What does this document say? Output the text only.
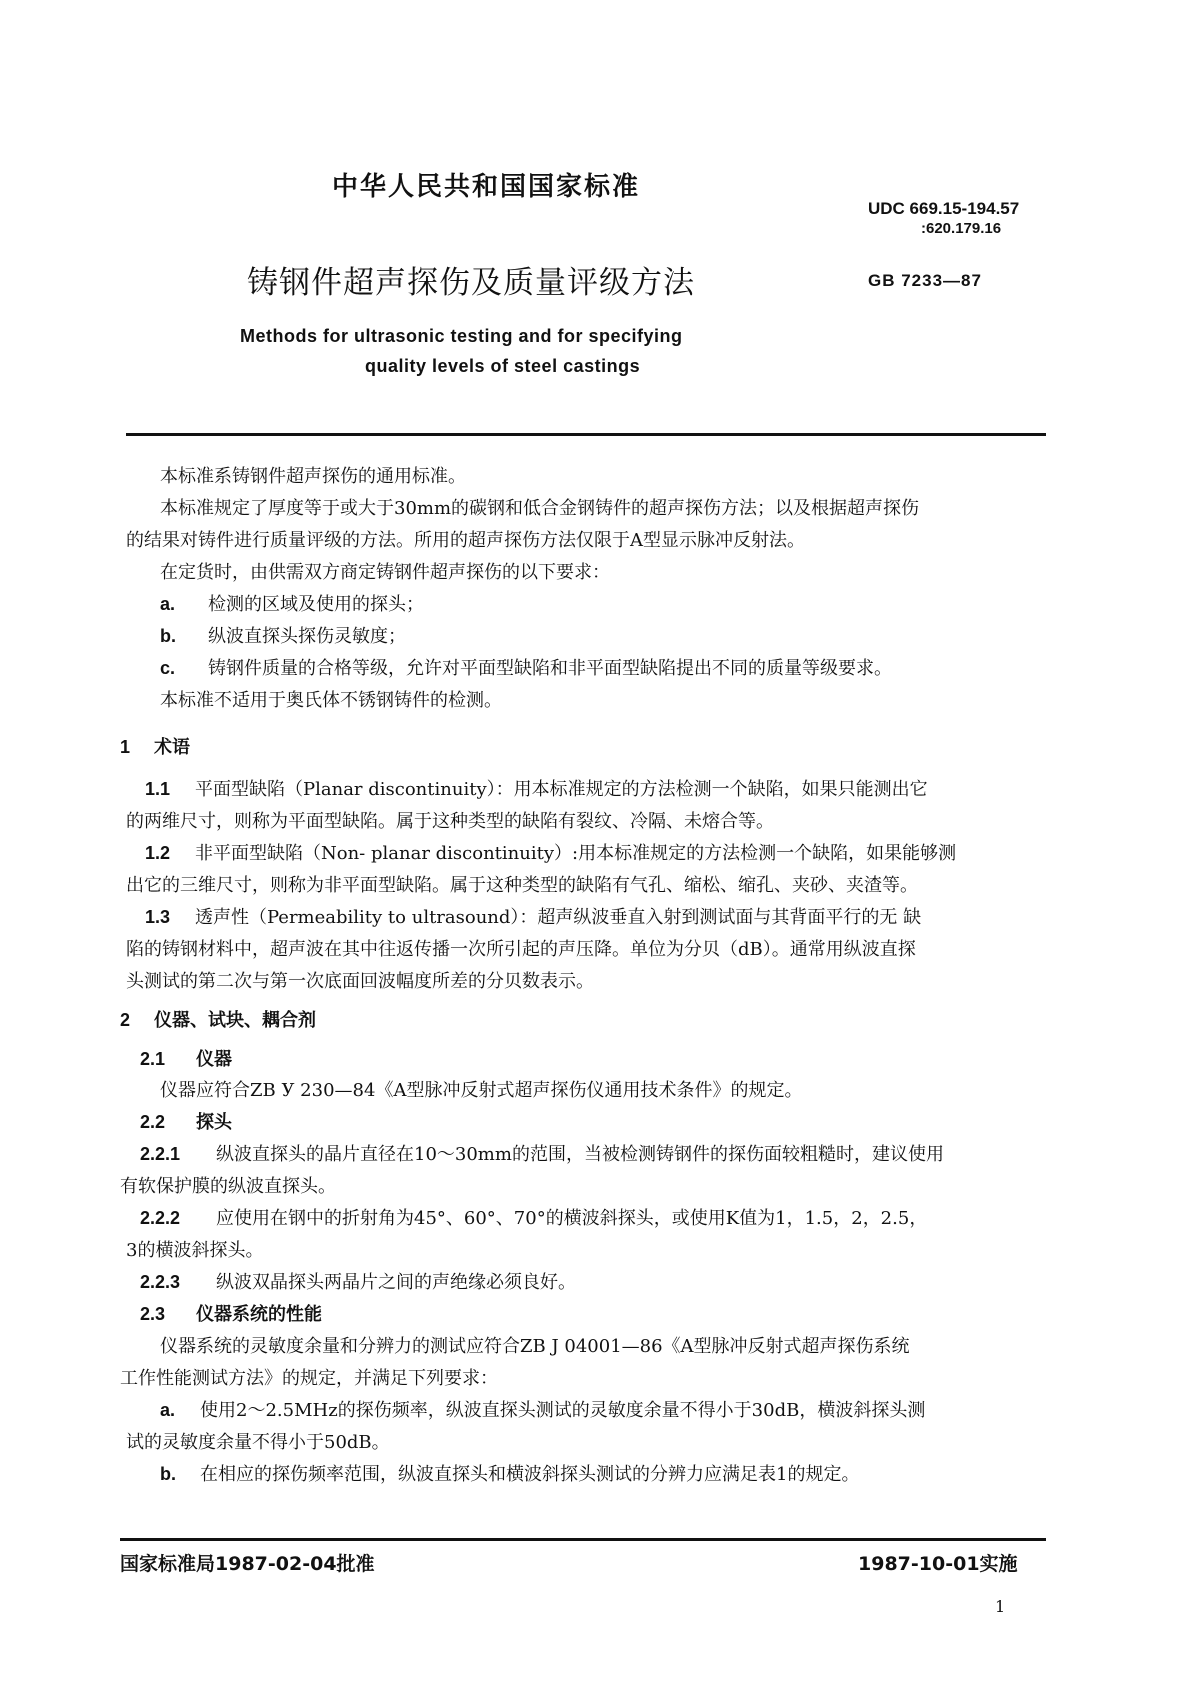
中华人民共和国国家标准
UDC 669.15-194.57
:620.179.16
铸钢件超声探伤及质量评级方法	GB 7233—87
Methods for ultrasonic testing and for specifying
quality levels of steel castings
本标准系铸钢件超声探伤的通用标准。
本标准规定了厚度等于或大于30mm的碳钢和低合金钢铸件的超声探伤方法；以及根据超声探伤
的结果对铸件进行质量评级的方法。所用的超声探伤方法仅限于A型显示脉冲反射法。
在定货时，由供需双方商定铸钢件超声探伤的以下要求：
a. 检测的区域及使用的探头；
b. 纵波直探头探伤灵敏度；
c. 铸钢件质量的合格等级，允许对平面型缺陷和非平面型缺陷提出不同的质量等级要求。
本标准不适用于奥氏体不锈钢铸件的检测。
1 术语
1.1 平面型缺陷（Planar discontinuity）：用本标准规定的方法检测一个缺陷，如果只能测出它
的两维尺寸，则称为平面型缺陷。属于这种类型的缺陷有裂纹、冷隔、未熔合等。
1.2 非平面型缺陷（Non- planar discontinuity）:用本标准规定的方法检测一个缺陷，如果能够测
出它的三维尺寸，则称为非平面型缺陷。属于这种类型的缺陷有气孔、缩松、缩孔、夹砂、夹渣等。
1.3 透声性（Permeability to ultrasound）：超声纵波垂直入射到测试面与其背面平行的无 缺
陷的铸钢材料中，超声波在其中往返传播一次所引起的声压降。单位为分贝（dB）。通常用纵波直探
头测试的第二次与第一次底面回波幅度所差的分贝数表示。
2 仪器、试块、耦合剂
2.1 仪器
仪器应符合ZB У 230—84《A型脉冲反射式超声探伤仪通用技术条件》的规定。
2.2 探头
2.2.1 纵波直探头的晶片直径在10～30mm的范围，当被检测铸钢件的探伤面较粗糙时，建议使用
有软保护膜的纵波直探头。
2.2.2 应使用在钢中的折射角为45°、60°、70°的横波斜探头，或使用K值为1，1.5，2，2.5，
3的横波斜探头。
2.2.3 纵波双晶探头两晶片之间的声绝缘必须良好。
2.3 仪器系统的性能
仪器系统的灵敏度余量和分辨力的测试应符合ZB J 04001—86《A型脉冲反射式超声探伤系统
工作性能测试方法》的规定，并满足下列要求：
a. 使用2～2.5MHz的探伤频率，纵波直探头测试的灵敏度余量不得小于30dB，横波斜探头测
试的灵敏度余量不得小于50dB。
b. 在相应的探伤频率范围，纵波直探头和横波斜探头测试的分辨力应满足表1的规定。
国家标准局1987-02-04批准	1987-10-01实施
1
